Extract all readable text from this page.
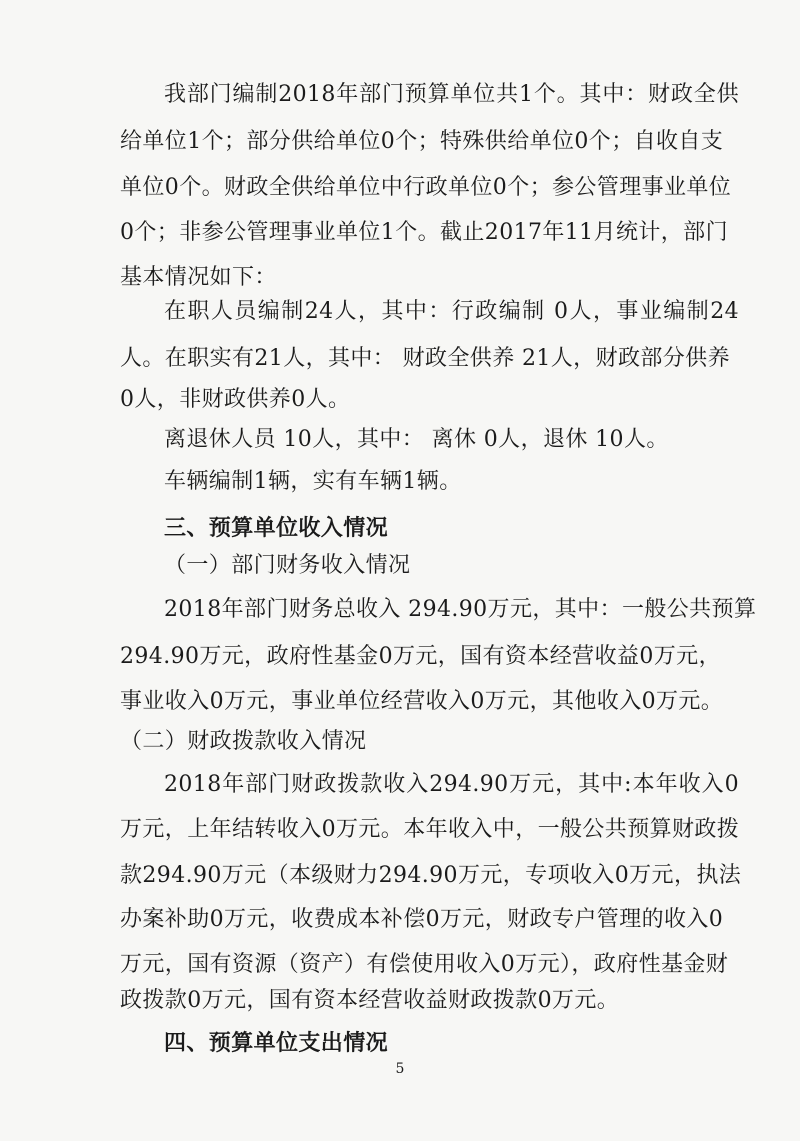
我部门编制2018年部门预算单位共1个。其中：财政全供
给单位1个；部分供给单位0个；特殊供给单位0个；自收自支
单位0个。财政全供给单位中行政单位0个；参公管理事业单位
0个；非参公管理事业单位1个。截止2017年11月统计，部门
基本情况如下：
在职人员编制24人，其中：行政编制 0人，事业编制24
人。在职实有21人，其中： 财政全供养 21人，财政部分供养
0人，非财政供养0人。
离退休人员 10人，其中： 离休 0人，退休 10人。
车辆编制1辆，实有车辆1辆。
三、预算单位收入情况
（一）部门财务收入情况
2018年部门财务总收入 294.90万元，其中：一般公共预算
294.90万元，政府性基金0万元，国有资本经营收益0万元，
事业收入0万元，事业单位经营收入0万元，其他收入0万元。
（二）财政拨款收入情况
2018年部门财政拨款收入294.90万元，其中:本年收入0
万元，上年结转收入0万元。本年收入中，一般公共预算财政拨
款294.90万元（本级财力294.90万元，专项收入0万元，执法
办案补助0万元，收费成本补偿0万元，财政专户管理的收入0
万元，国有资源（资产）有偿使用收入0万元），政府性基金财
政拨款0万元，国有资本经营收益财政拨款0万元。
四、预算单位支出情况
5
